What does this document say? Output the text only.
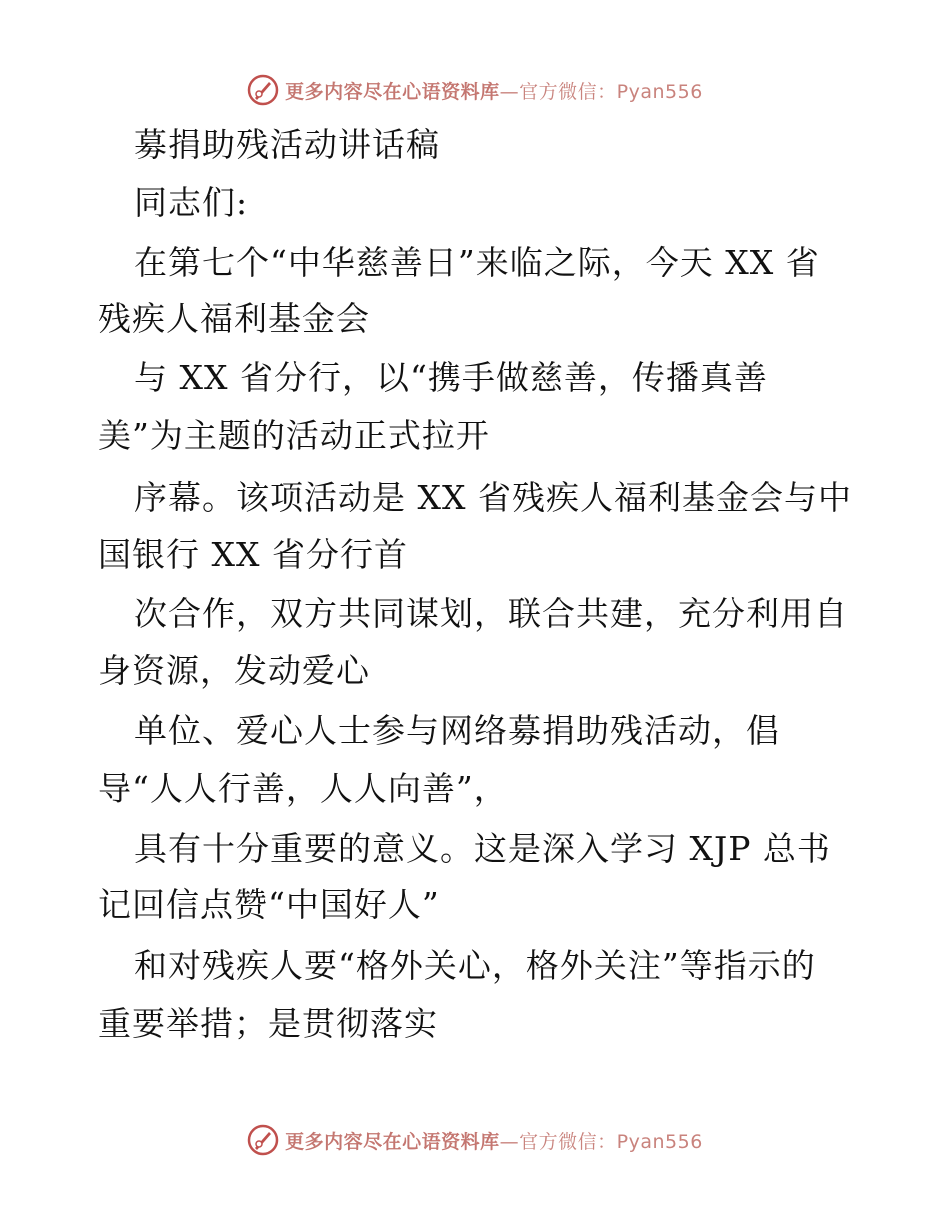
更多内容尽在心语资料库—官方微信：Pyan556
募捐助残活动讲话稿
同志们:
在第七个“中华慈善日”来临之际，今天 XX 省
残疾人福利基金会
与 XX 省分行，以“携手做慈善，传播真善
美”为主题的活动正式拉开
序幕。该项活动是 XX 省残疾人福利基金会与中
国银行 XX 省分行首
次合作，双方共同谋划，联合共建，充分利用自
身资源，发动爱心
单位、爱心人士参与网络募捐助残活动，倡
导“人人行善，人人向善”，
具有十分重要的意义。这是深入学习 XJP 总书
记回信点赞“中国好人”
和对残疾人要“格外关心，格外关注”等指示的
重要举措；是贯彻落实
更多内容尽在心语资料库—官方微信：Pyan556
